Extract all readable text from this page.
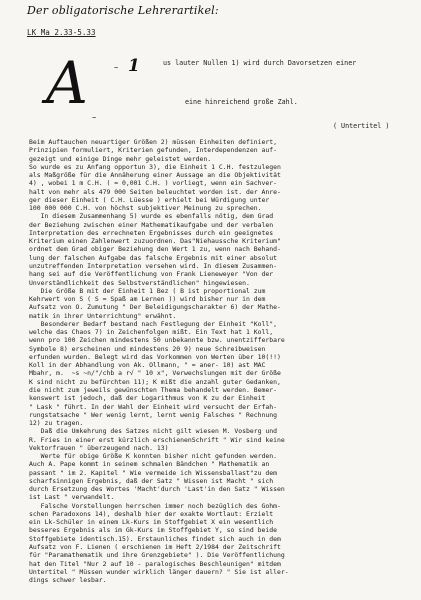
Der obligatorische Lehrerartikel:
LK Ma 2.33-5.33
A 1
~
~
us lauter Nullen 1) wird durch Davorsetzen einer
eine hinreichend große Zahl.
( Untertitel )
Beim Auftauchen neuartiger Größen 2) müssen Einheiten definiert,
Prinzipien formuliert, Kriterien gefunden, Interdependenzen auf-
gezeigt und einige Dinge mehr geleistet werden.
So wurde es zu Anfang opportun 3), die Einheit 1 C.H. festzulegen
als Maßgröße für die Annäherung einer Aussage an die Objektivität
4) , wobei 1 m C.H. ( = 0,001 C.H. ) vorliegt, wenn ein Sachver-
halt von mehr als 479 000 Seiten beleuchtet worden ist. der Anre-
ger dieser Einheit ( C.H. Lüesse ) erhielt bei Würdigung unter
100 000 000 C.H. von höchst subjektiver Meinung zu sprechen.
In diesem Zusammenhang 5) wurde es ebenfalls nötig, dem Grad
der Beziehung zwischen einer Mathematikaufgabe und der verbalen
Interpretation des errechneten Ergebnisses durch ein geeignetes
Kriterium einen Zahlenwert zuzuordnen. Das"Niehaussche Kriterium"
ordnet dem Grad obiger Beziehung den Wert 1 zu, wenn nach Behand-
lung der falschen Aufgabe das falsche Ergebnis mit einer absolut
unzutreffenden Interpretation versehen wird. In diesem Zusammen-
hang sei auf die Veröffentlichung von Frank Lieneweyer "Von der
Unverständlichkeit des Selbstverständlichen" hingewiesen.
Die Größe B mit der Einheit 1 Bez ( B ist proportional zum
Kehrwert von S ( S = Spaß am Lernen )) wird bisher nur in dem
Aufsatz von O. Zumutung " Der Beleidigungscharakter 6) der Mathe-
matik in ihrer Unterrichtung" erwähnt.
Besonderer Bedarf bestand nach Festlegung der Einheit "Koll",
welche das Chaos 7) in Zeichenfolgen mißt. Ein Text hat 1 Koll,
wenn pro 100 Zeichen mindestens 50 unbekannte bzw. unentzifferbare
Symbole 8) erscheinen und mindestens 20 9) neue Schreibweisen
erfunden wurden. Belegt wird das Vorkommen von Werten über 10(!!)
Koll in der Abhandlung von Ak. Ollmann, " = aner- 10) ast MAC
Mbahr, m.  ~s ~n/"/chb a r√ " 10 x", Verwechslungen mit der Größe
K sind nicht zu befürchten 11); K mißt die anzahl guter Gedanken,
die nicht zum jeweils gewünschten Thema behandelt werden. Bemer-
kenswert ist jedoch, daß der Logarithmus von K zu der Einheit
" Lask " führt. In der Wahl der Einheit wird versucht der Erfah-
rungstatsache " Wer wenig lernt, lernt wenig Falsches " Rechnung
12) zu tragen.
Daß die Umkehrung des Satzes nicht gilt wiesen M. Vosberg und
R. Fries in einer erst kürzlich erschienenSchrift " Wir sind keine
Vektorfrauen " überzeugend nach. 13)
Werte für obige Größe K konnten bisher nicht gefunden werden.
Auch A. Pape kommt in seinem schmalen Bändchen " Mathematik an
passant " im 2. Kapitel " Wie vermeide ich Wissensballast"zu dem
scharfsinnigen Ergebnis, daß der Satz " Wissen ist Macht " sich
durch Ersetzung des Wortes 'Macht'durch 'Last'in den Satz " Wissen
ist Last " verwandelt.
Falsche Vorstellungen herrschen immer noch bezüglich des Gohm-
schen Paradoxons 14), deshalb hier der exakte Wortlaut: Erzielt
ein Lk-Schüler in einem Lk-Kurs im Stoffgebiet X ein wesentlich
besseres Ergebnis als im Gk-Kurs im Stoffgebiet Y, so sind beide
Stoffgebiete identisch.15). Erstaunliches findet sich auch in dem
Aufsatz von F. Lienen ( erschienen im Heft 2/1984 der Zeitschrift
für "Paramathematik und ihre Grenzgebiete" ). Die Veröffentlichung
hat den Titel "Nur 2 auf 10 - paralogisches Beschleunigen" mitdem
Untertitel " Müssen wunder wirklich länger dauern? " Sie ist aller-
dings schwer lesbar.
